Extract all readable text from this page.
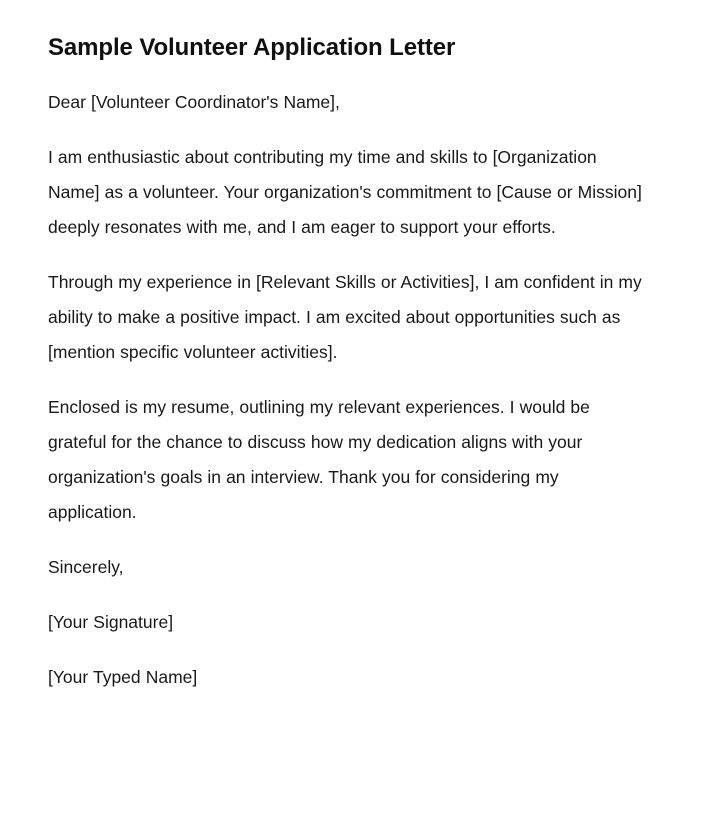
Sample Volunteer Application Letter

Dear [Volunteer Coordinator's Name],

I am enthusiastic about contributing my time and skills to [Organization Name] as a volunteer. Your organization's commitment to [Cause or Mission] deeply resonates with me, and I am eager to support your efforts.

Through my experience in [Relevant Skills or Activities], I am confident in my ability to make a positive impact. I am excited about opportunities such as [mention specific volunteer activities].

Enclosed is my resume, outlining my relevant experiences. I would be grateful for the chance to discuss how my dedication aligns with your organization's goals in an interview. Thank you for considering my application.

Sincerely,

[Your Signature]

[Your Typed Name]
